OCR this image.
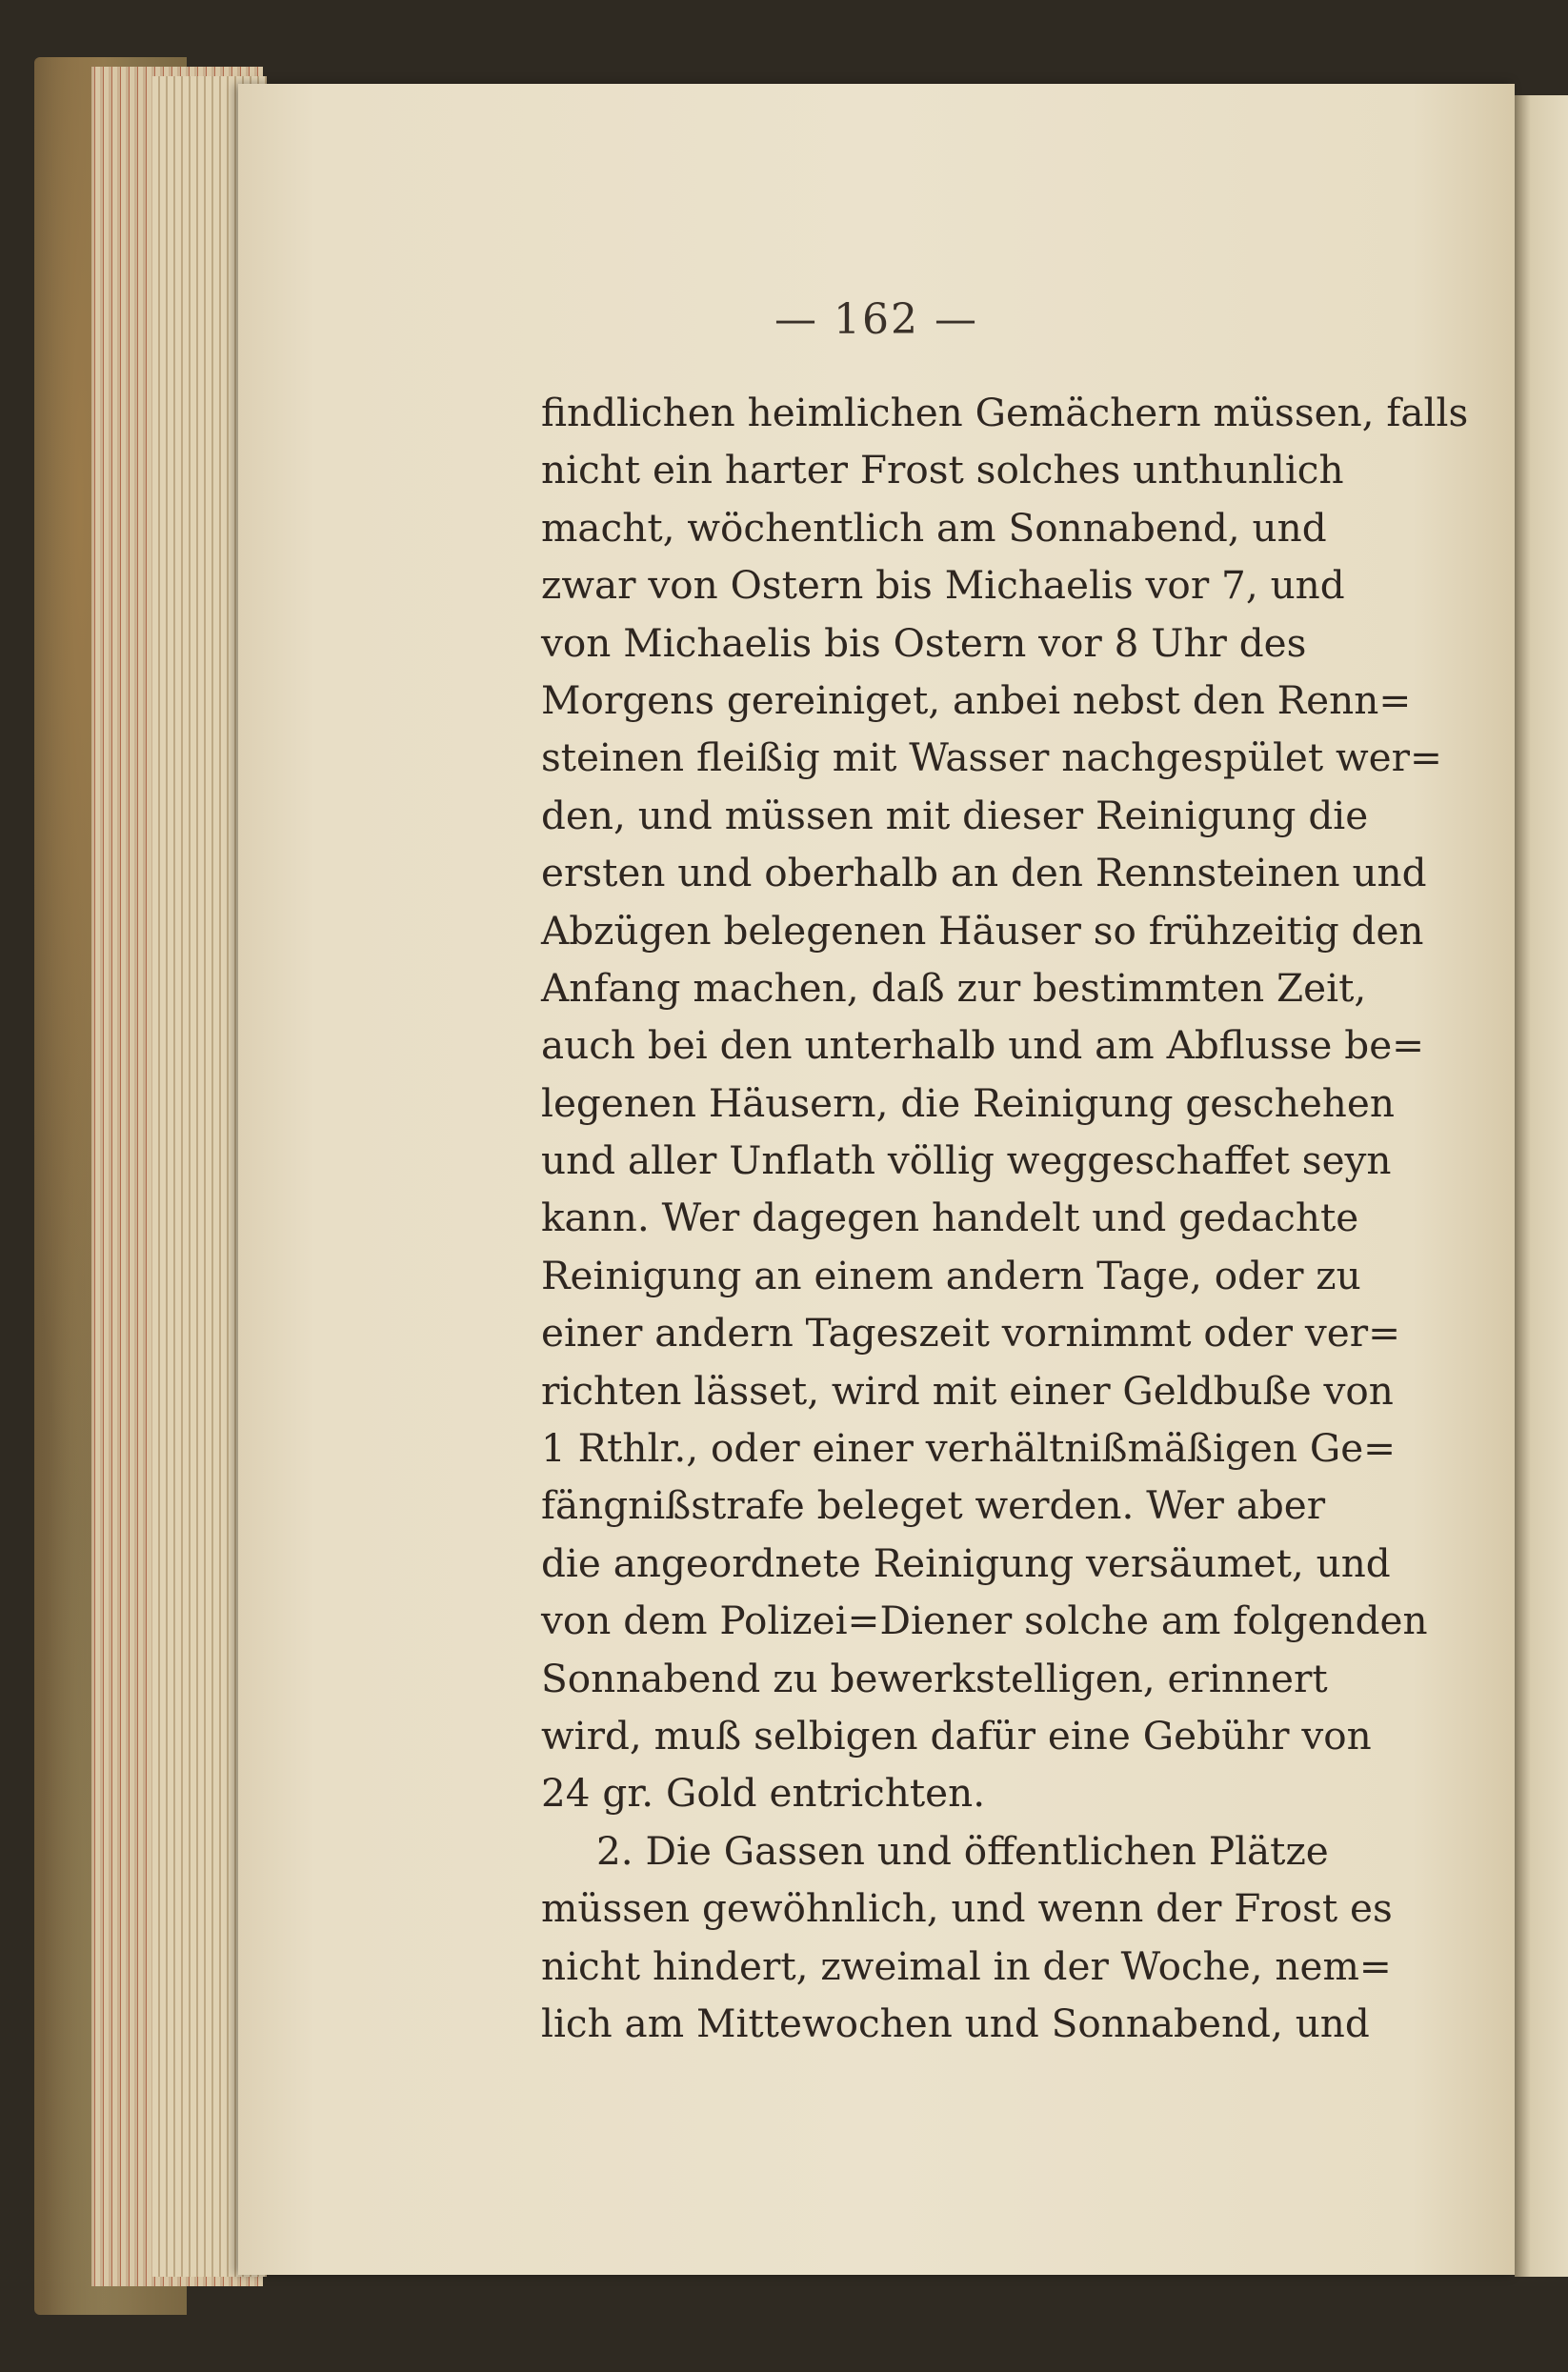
— 162 —
findlichen heimlichen Gemächern müssen, falls
nicht ein harter Frost solches unthunlich
macht, wöchentlich am Sonnabend, und
zwar von Ostern bis Michaelis vor 7, und
von Michaelis bis Ostern vor 8 Uhr des
Morgens gereiniget, anbei nebst den Renn=
steinen fleißig mit Wasser nachgespület wer=
den, und müssen mit dieser Reinigung die
ersten und oberhalb an den Rennsteinen und
Abzügen belegenen Häuser so frühzeitig den
Anfang machen, daß zur bestimmten Zeit,
auch bei den unterhalb und am Abflusse be=
legenen Häusern, die Reinigung geschehen
und aller Unflath völlig weggeschaffet seyn
kann. Wer dagegen handelt und gedachte
Reinigung an einem andern Tage, oder zu
einer andern Tageszeit vornimmt oder ver=
richten lässet, wird mit einer Geldbuße von
1 Rthlr., oder einer verhältnißmäßigen Ge=
fängnißstrafe beleget werden. Wer aber
die angeordnete Reinigung versäumet, und
von dem Polizei=Diener solche am folgenden
Sonnabend zu bewerkstelligen, erinnert
wird, muß selbigen dafür eine Gebühr von
24 gr. Gold entrichten.
2. Die Gassen und öffentlichen Plätze
müssen gewöhnlich, und wenn der Frost es
nicht hindert, zweimal in der Woche, nem=
lich am Mittewochen und Sonnabend, und
